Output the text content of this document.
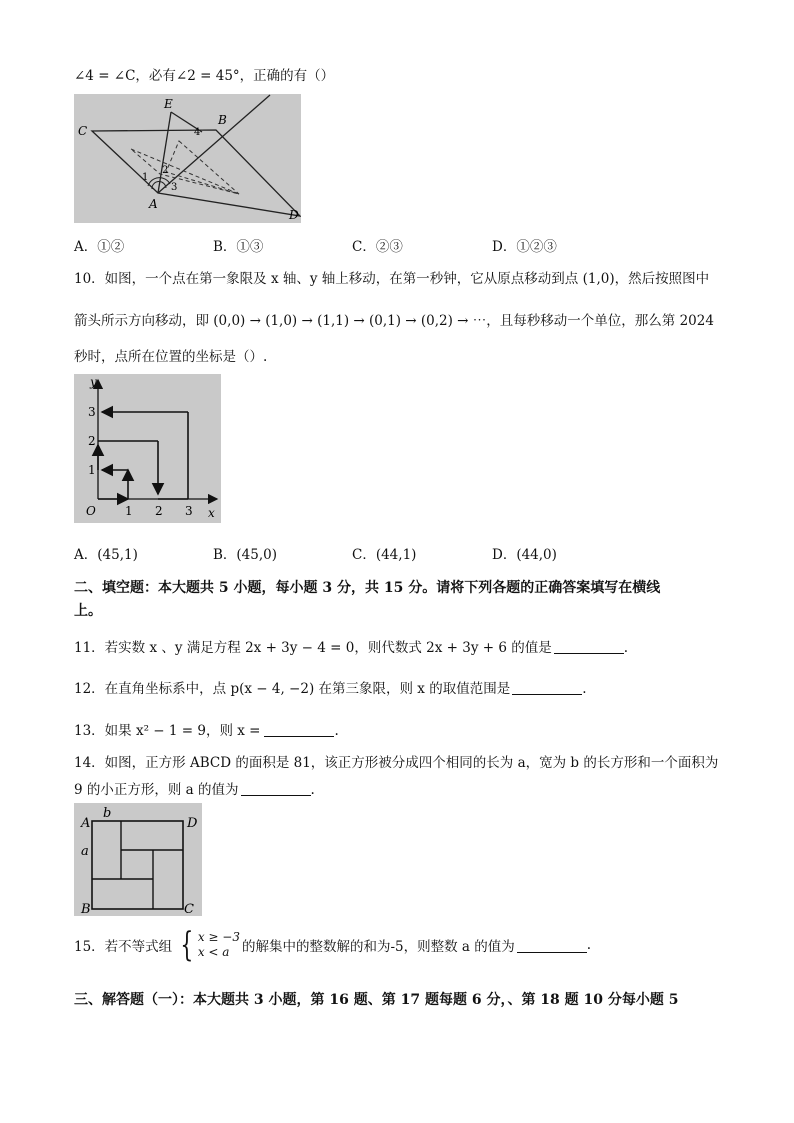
∠4 = ∠C，必有∠2 = 45°，正确的有（）
C
E
B
A
D
1
2
3
4
A．①②	B．①③	C．②③	D．①②③
10．如图，一个点在第一象限及 x 轴、y 轴上移动，在第一秒钟，它从原点移动到点 (1,0)，然后按照图中
箭头所示方向移动，即 (0,0) → (1,0) → (1,1) → (0,1) → (0,2) → ⋯，且每秒移动一个单位，那么第 2024
秒时，点所在位置的坐标是（）.
y
x
O 1 2 3
1
2
3
A．(45,1)	B．(45,0)	C．(44,1)	D．(44,0)
二、填空题：本大题共 5 小题，每小题 3 分，共 15 分。请将下列各题的正确答案填写在横线
上。
11．若实数 x 、y 满足方程 2x + 3y − 4 = 0，则代数式 2x + 3y + 6 的值是	.
12．在直角坐标系中，点 p(x − 4, −2) 在第三象限，则 x 的取值范围是	.
13．如果 x² − 1 = 9，则 x =	.
14．如图，正方形 ABCD 的面积是 81，该正方形被分成四个相同的长为 a，宽为 b 的长方形和一个面积为
9 的小正方形，则 a 的值为	.
A	D
B	C
a
b
15．若不等式组 { x ≥ −3
x < a 的解集中的整数解的和为-5，则整数 a 的值为	.
三、解答题（一）：本大题共 3 小题，第 16 题、第 17 题每题 6 分，、第 18 题 10 分每小题 5
